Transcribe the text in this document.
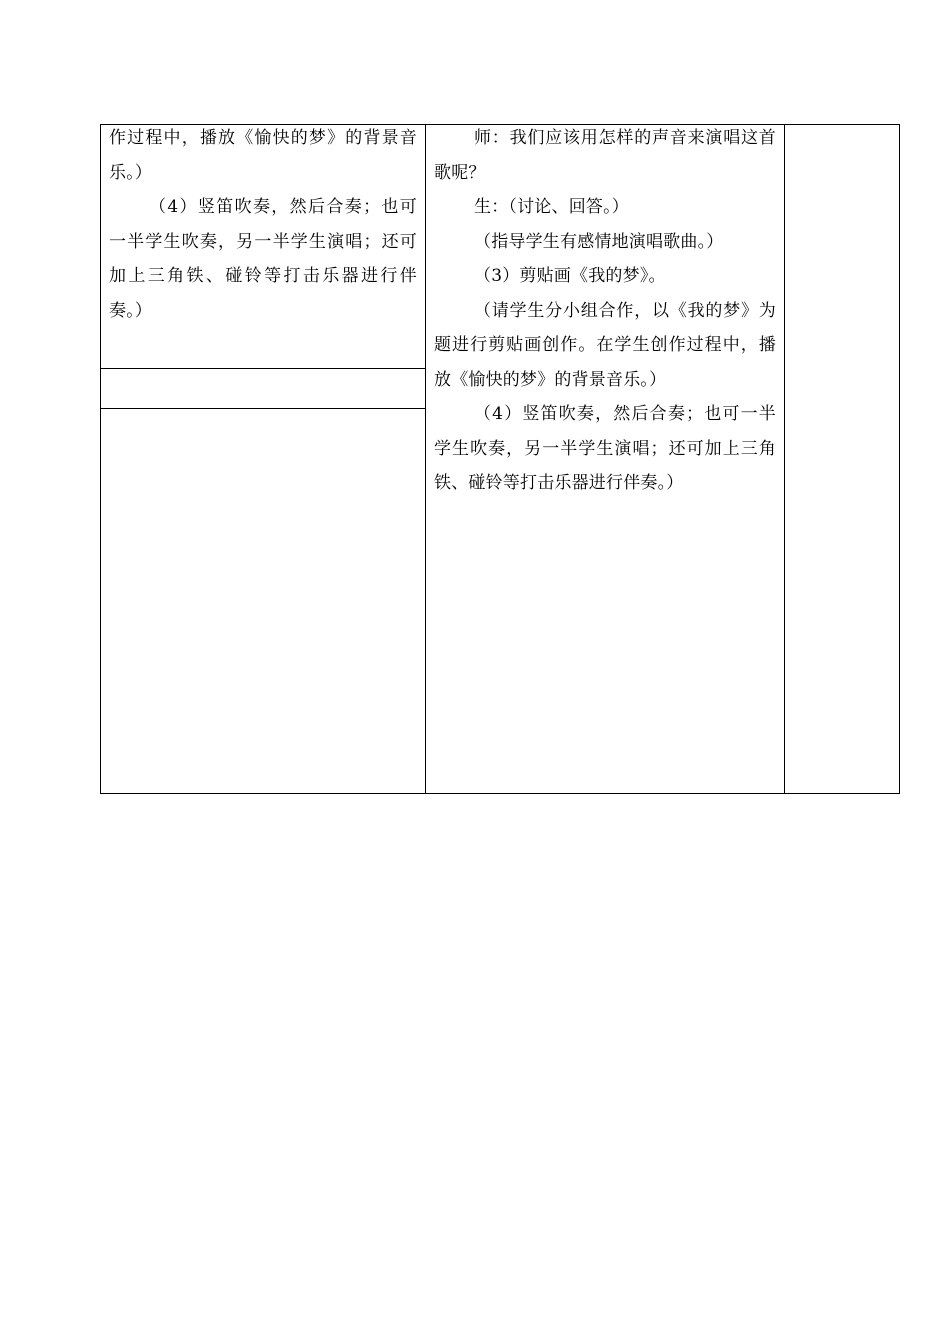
作过程中，播放《愉快的梦》的背景音乐。）

（4）竖笛吹奏，然后合奏；也可一半学生吹奏，另一半学生演唱；还可加上三角铁、碰铃等打击乐器进行伴奏。）

师：我们应该用怎样的声音来演唱这首歌呢？

生：（讨论、回答。）

（指导学生有感情地演唱歌曲。）

（3）剪贴画《我的梦》。

（请学生分小组合作，以《我的梦》为题进行剪贴画创作。在学生创作过程中，播放《愉快的梦》的背景音乐。）

（4）竖笛吹奏，然后合奏；也可一半学生吹奏，另一半学生演唱；还可加上三角铁、碰铃等打击乐器进行伴奏。）
